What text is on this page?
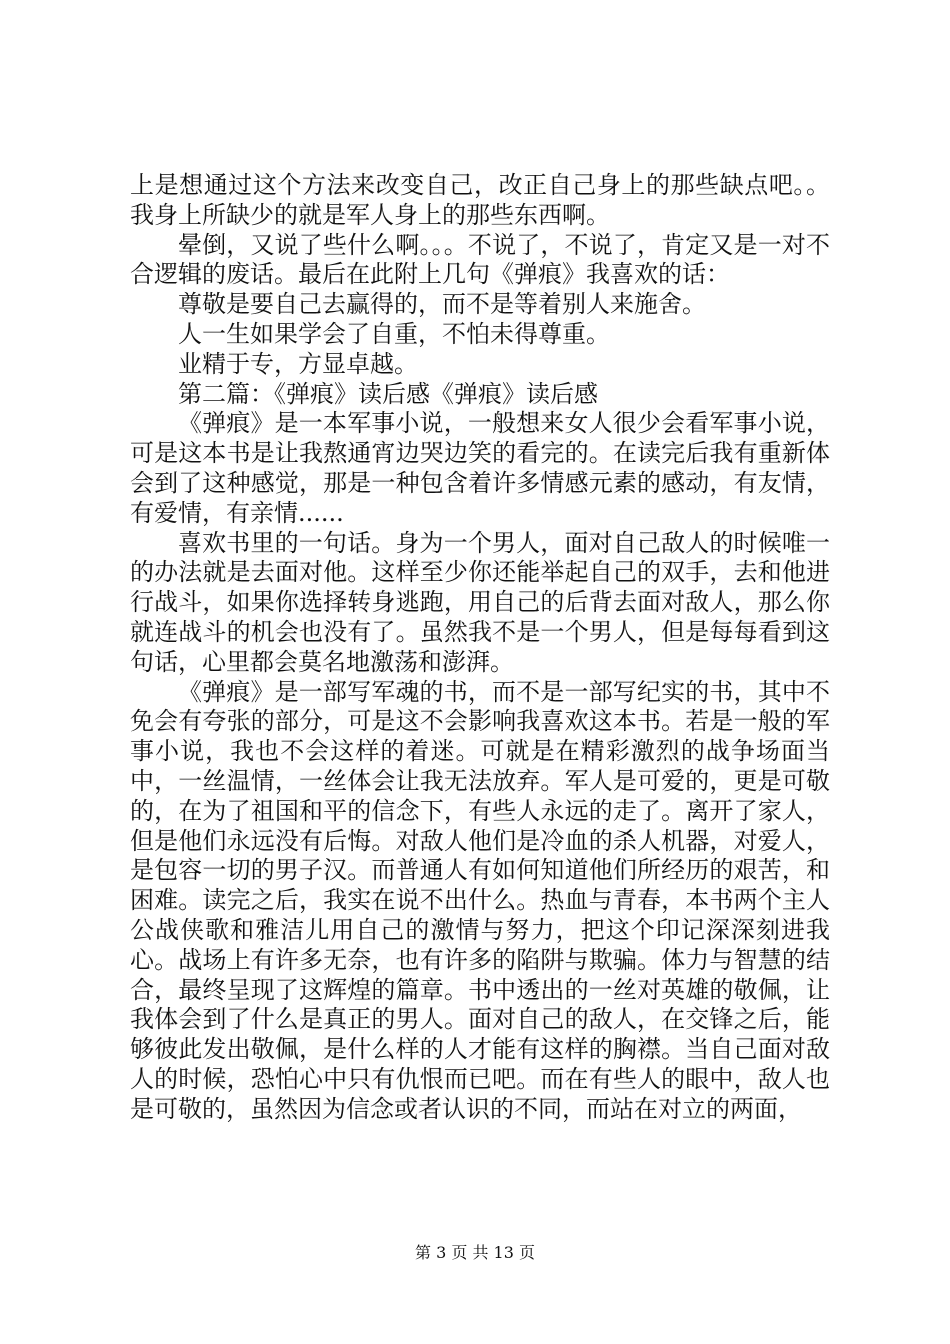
上是想通过这个方法来改变自己，改正自己身上的那些缺点吧。。我身上所缺少的就是军人身上的那些东西啊。

晕倒，又说了些什么啊。。。不说了，不说了，肯定又是一对不合逻辑的废话。最后在此附上几句《弹痕》我喜欢的话：

尊敬是要自己去赢得的，而不是等着别人来施舍。

人一生如果学会了自重，不怕未得尊重。

业精于专，方显卓越。

第二篇：《弹痕》读后感《弹痕》读后感

《弹痕》是一本军事小说，一般想来女人很少会看军事小说，可是这本书是让我熬通宵边哭边笑的看完的。在读完后我有重新体会到了这种感觉，那是一种包含着许多情感元素的感动，有友情，有爱情，有亲情......

喜欢书里的一句话。身为一个男人，面对自己敌人的时候唯一的办法就是去面对他。这样至少你还能举起自己的双手，去和他进行战斗，如果你选择转身逃跑，用自己的后背去面对敌人，那么你就连战斗的机会也没有了。虽然我不是一个男人，但是每每看到这句话，心里都会莫名地激荡和澎湃。

《弹痕》是一部写军魂的书，而不是一部写纪实的书，其中不免会有夸张的部分，可是这不会影响我喜欢这本书。若是一般的军事小说，我也不会这样的着迷。可就是在精彩激烈的战争场面当中，一丝温情，一丝体会让我无法放弃。军人是可爱的，更是可敬的，在为了祖国和平的信念下，有些人永远的走了。离开了家人，但是他们永远没有后悔。对敌人他们是冷血的杀人机器，对爱人，是包容一切的男子汉。而普通人有如何知道他们所经历的艰苦，和困难。读完之后，我实在说不出什么。热血与青春，本书两个主人公战侠歌和雅洁儿用自己的激情与努力，把这个印记深深刻进我心。战场上有许多无奈，也有许多的陷阱与欺骗。体力与智慧的结合，最终呈现了这辉煌的篇章。书中透出的一丝对英雄的敬佩，让我体会到了什么是真正的男人。面对自己的敌人，在交锋之后，能够彼此发出敬佩，是什么样的人才能有这样的胸襟。当自己面对敌人的时候，恐怕心中只有仇恨而已吧。而在有些人的眼中，敌人也是可敬的，虽然因为信念或者认识的不同，而站在对立的两面，

第 3 页 共 13 页
